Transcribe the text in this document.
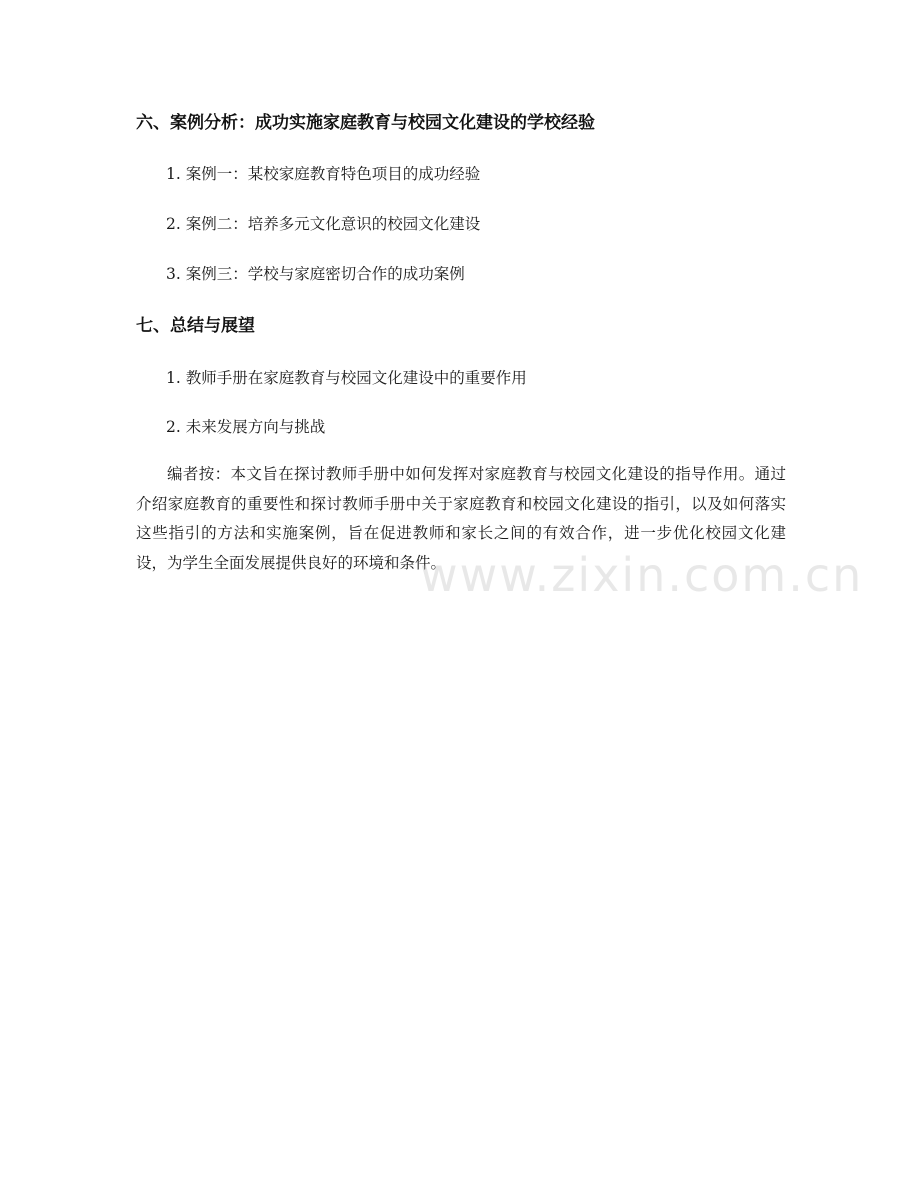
六、案例分析：成功实施家庭教育与校园文化建设的学校经验

1. 案例一：某校家庭教育特色项目的成功经验

2. 案例二：培养多元文化意识的校园文化建设

3. 案例三：学校与家庭密切合作的成功案例

七、总结与展望

1. 教师手册在家庭教育与校园文化建设中的重要作用

2. 未来发展方向与挑战

编者按：本文旨在探讨教师手册中如何发挥对家庭教育与校园文化建设的指导作用。通过介绍家庭教育的重要性和探讨教师手册中关于家庭教育和校园文化建设的指引，以及如何落实这些指引的方法和实施案例，旨在促进教师和家长之间的有效合作，进一步优化校园文化建设，为学生全面发展提供良好的环境和条件。

www.zixin.com.cn
